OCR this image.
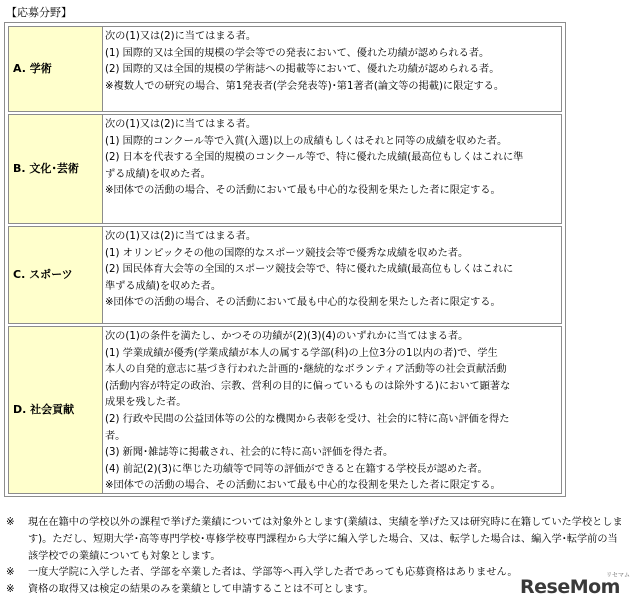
【応募分野】
A. 学術
次の(1)又は(2)に当てはまる者。
(1) 国際的又は全国的規模の学会等での発表において、優れた功績が認められる者。
(2) 国際的又は全国的規模の学術誌への掲載等において、優れた功績が認められる者。
※複数人での研究の場合、第1発表者(学会発表等)･第1著者(論文等の掲載)に限定する。
B. 文化･芸術
次の(1)又は(2)に当てはまる者。
(1) 国際的コンクール等で入賞(入選)以上の成績もしくはそれと同等の成績を収めた者。
(2) 日本を代表する全国的規模のコンクール等で、特に優れた成績(最高位もしくはこれに準
ずる成績)を収めた者。
※団体での活動の場合、その活動において最も中心的な役割を果たした者に限定する。
C. スポーツ
次の(1)又は(2)に当てはまる者。
(1) オリンピックその他の国際的なスポーツ競技会等で優秀な成績を収めた者。
(2) 国民体育大会等の全国的スポーツ競技会等で、特に優れた成績(最高位もしくはこれに
準ずる成績)を収めた者。
※団体での活動の場合、その活動において最も中心的な役割を果たした者に限定する。
D. 社会貢献
次の(1)の条件を満たし、かつその功績が(2)(3)(4)のいずれかに当てはまる者。
(1) 学業成績が優秀(学業成績が本人の属する学部(科)の上位3分の1以内の者)で、学生
本人の自発的意志に基づき行われた計画的･継続的なボランティア活動等の社会貢献活動
(活動内容が特定の政治、宗教、営利の目的に偏っているものは除外する)において顕著な
成果を残した者。
(2) 行政や民間の公益団体等の公的な機関から表彰を受け、社会的に特に高い評価を得た
者。
(3) 新聞･雑誌等に掲載され、社会的に特に高い評価を得た者。
(4) 前記(2)(3)に準じた功績等で同等の評価ができると在籍する学校長が認めた者。
※団体での活動の場合、その活動において最も中心的な役割を果たした者に限定する。
※	現在在籍中の学校以外の課程で挙げた業績については対象外とします(業績は、実績を挙げた又は研究時に在籍していた学校とします)。ただし、短期大学･高等専門学校･専修学校専門課程から大学に編入学した場合、又は、転学した場合は、編入学･転学前の当該学校での業績についても対象とします。
※	一度大学院に入学した者、学部を卒業した者は、学部等へ再入学した者であっても応募資格はありません。
※	資格の取得又は検定の結果のみを業績として申請することは不可とします。
リセマム
ReseMom
